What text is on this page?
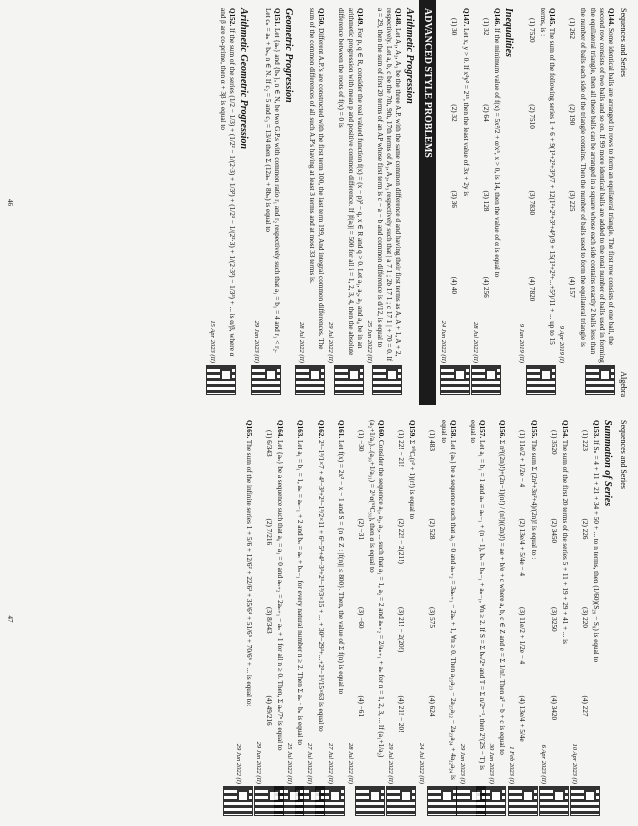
Sequences and Series
Algebra
Q144. Some identical balls are arranged in rows to form an equilateral triangle. The first row consists of one ball, the second row consists of two balls and so on. If 99 more identical balls are added to the total number of balls used in forming the equilateral triangle, then all these balls can be arranged in a square whose each side contains exactly 2 balls less than the number of balls each side of the triangle contains. Then the number of balls used to form the equilateral triangle is
(1) 262
(2) 190
(3) 225
(4) 157
9 Apr 2019 (I)
Q145. The sum of the following series 1 + 6 + 9(1²+2²+3²)/7 + 12(1²+2²+3²+4²)/9 + 15(1²+2²+...+5²)/11 + ... up to 15 terms, is :
(1) 7520
(2) 7510
(3) 7830
(4) 7820
9 Jan 2019 (II)
Inequalities
Q146. If the minimum value of f(x) = 5x²/2 + α/x⁵, x > 0, is 14, then the value of α is equal to
(1) 32
(2) 64
(3) 128
(4) 256
28 Jul 2022 (II)
Q147. Let x, y > 0. If x³y² = 2¹⁵, then the least value of 3x + 2y is
(1) 30
(2) 32
(3) 36
(4) 40
24 Jun 2022 (II)
ADVANCED STYLE PROBLEMS
Arithmetic Progression
Q148. Let A₁, A₂, A₃ be the three A.P. with the same common difference d and having their first terms as A, A + 1, A + 2, respectively. Let a, b, c be the 7th, 9th, 17th terms of A₁, A₂, A₃ respectively such that | a 7 1 ; 2b 17 1 ; c 17 1 | + 70 = 0. If a = 29, then the sum of first 20 terms of an AP whose first term is c − a − b and common difference is d/12, is equal to
25 Jun 2022 (II)
Q149. For p, q ∈ R, consider the real valued function f(x) = (x − p)² − q, x ∈ R and q > 0. Let a₁, a₂, a₃ and a₄ be in an arithmetic progression with mean p and positive common difference. If |f(aᵢ)| = 500 for all i = 1, 2, 3, 4, then the absolute difference between the roots of f(x) = 0 is
29 Jul 2022 (II)
Q150. Different A.P.'s are constructed with the first term 100, the last term 199, And integral common differences. The sum of the common differences of all such A.P's having at least 3 terms and at most 33 terms is.
28 Jul 2022 (II)
Geometric Progression
Q151. Let {aₙ} and {bₙ}, n ∈ N, be two G.P.s with common ratio r₁ and r₂ respectively such that a₁ = b₁ = 4 and r₁ < r₂. Let cₙ = aₙ + bₙ, n ∈ N. If c₂ = 5 and c₃ = 13/4 then Σ (12aₙ + 8bₙ) is equal to
29 Jan 2023 (II)
Arithmetic Geometric Progression
Q152. If the sum of the series (1/2 − 1/3) + (1/2² − 1/(2·3) + 1/3²) + (1/2³ − 1/(2²·3) + 1/(2·3²) − 1/3³) + ... is α/β, where α and β are co-prime, then α + 3β is equal to
15 Apr 2023 (II)
46
Sequences and Series
Summation of Series
Q153. If Sₙ = 4 + 11 + 21 + 34 + 50 + ... to n terms, then (1/60)(S₂₉ − S₉) is equal to
(1) 223
(2) 226
(3) 220
(4) 227
10 Apr 2023 (I)
Q154. The sum of the first 20 terms of the series 5 + 11 + 19 + 29 + 41 + ... is
(1) 3520
(2) 3450
(3) 3250
(4) 3420
6 Apr 2023 (II)
Q155. The sum Σ (2n³+3n²+4)/(2n)! is equal to :
(1) 11e/2 + 1/2e − 4
(2) 13e/4 + 5/4e − 4
(3) 11e/2 + 1/2e − 4
(4) 13e/4 + 5/4e
1 Feb 2023 (I)
Q156. Σ n²((2n)!)+(2n−1)(n!) / (n!)((2n)!) = ae + b/e + c where a, b, c ∈ Z and e = Σ 1/n!. Then a² − b + c is equal to
30 Jan 2023 (I)
Q157. Let a₁ = b₁ = 1 and aₙ = aₙ₋₁ + (n − 1), bₙ = bₙ₋₁ + aₙ₋₁, ∀n ≥ 2. If S = Σ bₙ/2ⁿ and T = Σ n/2ⁿ⁻¹, then 2⁷(2S − T) is equal to
29 Jan 2023 (I)
Q158. Let {aₖ} be a sequence such that a₀ = 0 and aₙ₊₂ = 3aₙ₊₁ − 2aₙ + 1, ∀n ≥ 0. Then a₂₅a₂₃ − 2a₂₅a₂₂ − 2a₂₃a₂₄ + 4a₂₂a₂₄ is equal to
(1) 483
(2) 528
(3) 575
(4) 624
24 Jul 2022 (II)
Q159. Σ ⁵⁰Cᵣ(r² + 1)(r!) is equal to
(1) 22! − 21!
(2) 22! − 2(21!)
(3) 21! − 2(20!)
(4) 21! − 20!
29 Jul 2022 (II)
Q160. Consider the sequence a₁, a₂, a₃, ... such that a₁ = 1, a₂ = 2 and aₙ₊₂ = 2/aₙ₊₁ + aₙ for n = 1, 2, 3, ... If (a₁+1/a₂)(a₂+1/a₃)...(a₃₀+1/a₃₁) = 2^α(⁶¹C₃₁), then α is equal to
(1) −30
(2) −31
(3) −60
(4) −61
28 Jul 2022 (II)
Q161. Let f(x) = 2x² − x − 1 and S = {n ∈ Z : |f(n)| ≤ 800}. Then, the value of Σ f(n) is equal to
27 Jul 2022 (II)
Q162. 2³−1³/1×7 + 4³−3³+2³−1³/2×11 + 6³−5³+4³−3³+2³−1³/3×15 + ... + 30³−29³+...+2³−1³/15×63 is equal to
27 Jul 2022 (II)
Q163. Let a₁ = b₁ = 1, aₙ = aₙ₋₁ + 2 and bₙ = aₙ + bₙ₋₁ for every natural number n ≥ 2. Then Σ aₙ · bₙ is equal to
25 Jul 2022 (II)
Q164. Let {aₙ} be a sequence such that a₀ = a₁ = 0 and aₙ₊₂ = 2aₙ₊₁ − aₙ + 1 for all n ≥ 0. Then, Σ aₙ/7ⁿ is equal to
(1) 6/343
(2) 7/216
(3) 8/343
(4) 49/216
29 Jun 2022 (II)
Q165. The sum of the infinite series 1 + 5/6 + 12/6² + 22/6³ + 35/6⁴ + 51/6⁵ + 70/6⁶ + ... is equal to:
29 Jun 2022 (I)
47
